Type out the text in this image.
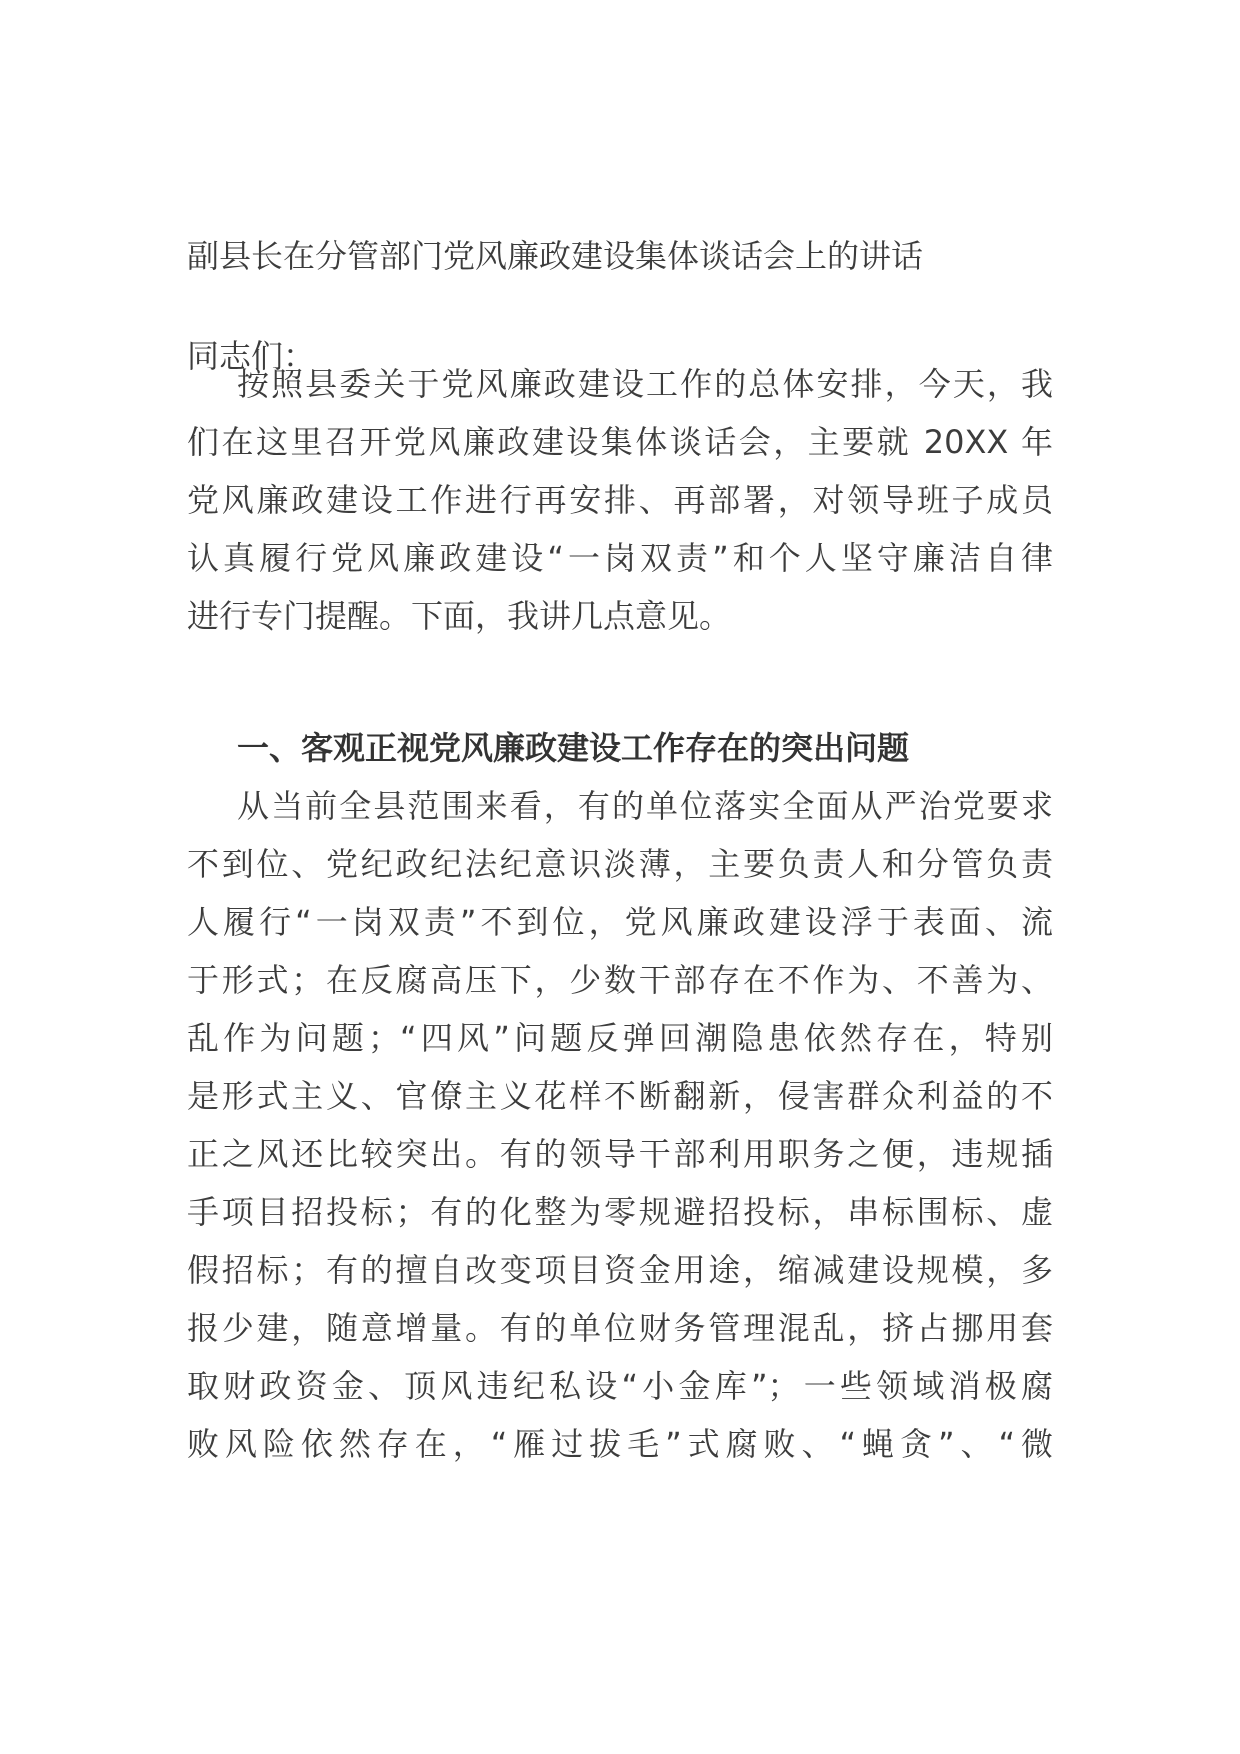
副县长在分管部门党风廉政建设集体谈话会上的讲话
同志们：
按照县委关于党风廉政建设工作的总体安排，今天，我
们在这里召开党风廉政建设集体谈话会，主要就 20XX 年
党风廉政建设工作进行再安排、再部署，对领导班子成员
认真履行党风廉政建设“一岗双责”和个人坚守廉洁自律
进行专门提醒。下面，我讲几点意见。
一、客观正视党风廉政建设工作存在的突出问题
从当前全县范围来看，有的单位落实全面从严治党要求
不到位、党纪政纪法纪意识淡薄，主要负责人和分管负责
人履行“一岗双责”不到位，党风廉政建设浮于表面、流
于形式；在反腐高压下，少数干部存在不作为、不善为、
乱作为问题；“四风”问题反弹回潮隐患依然存在，特别
是形式主义、官僚主义花样不断翻新，侵害群众利益的不
正之风还比较突出。有的领导干部利用职务之便，违规插
手项目招投标；有的化整为零规避招投标，串标围标、虚
假招标；有的擅自改变项目资金用途，缩减建设规模，多
报少建，随意增量。有的单位财务管理混乱，挤占挪用套
取财政资金、顶风违纪私设“小金库”；一些领域消极腐
败风险依然存在，“雁过拔毛”式腐败、“蝇贪”、“微
